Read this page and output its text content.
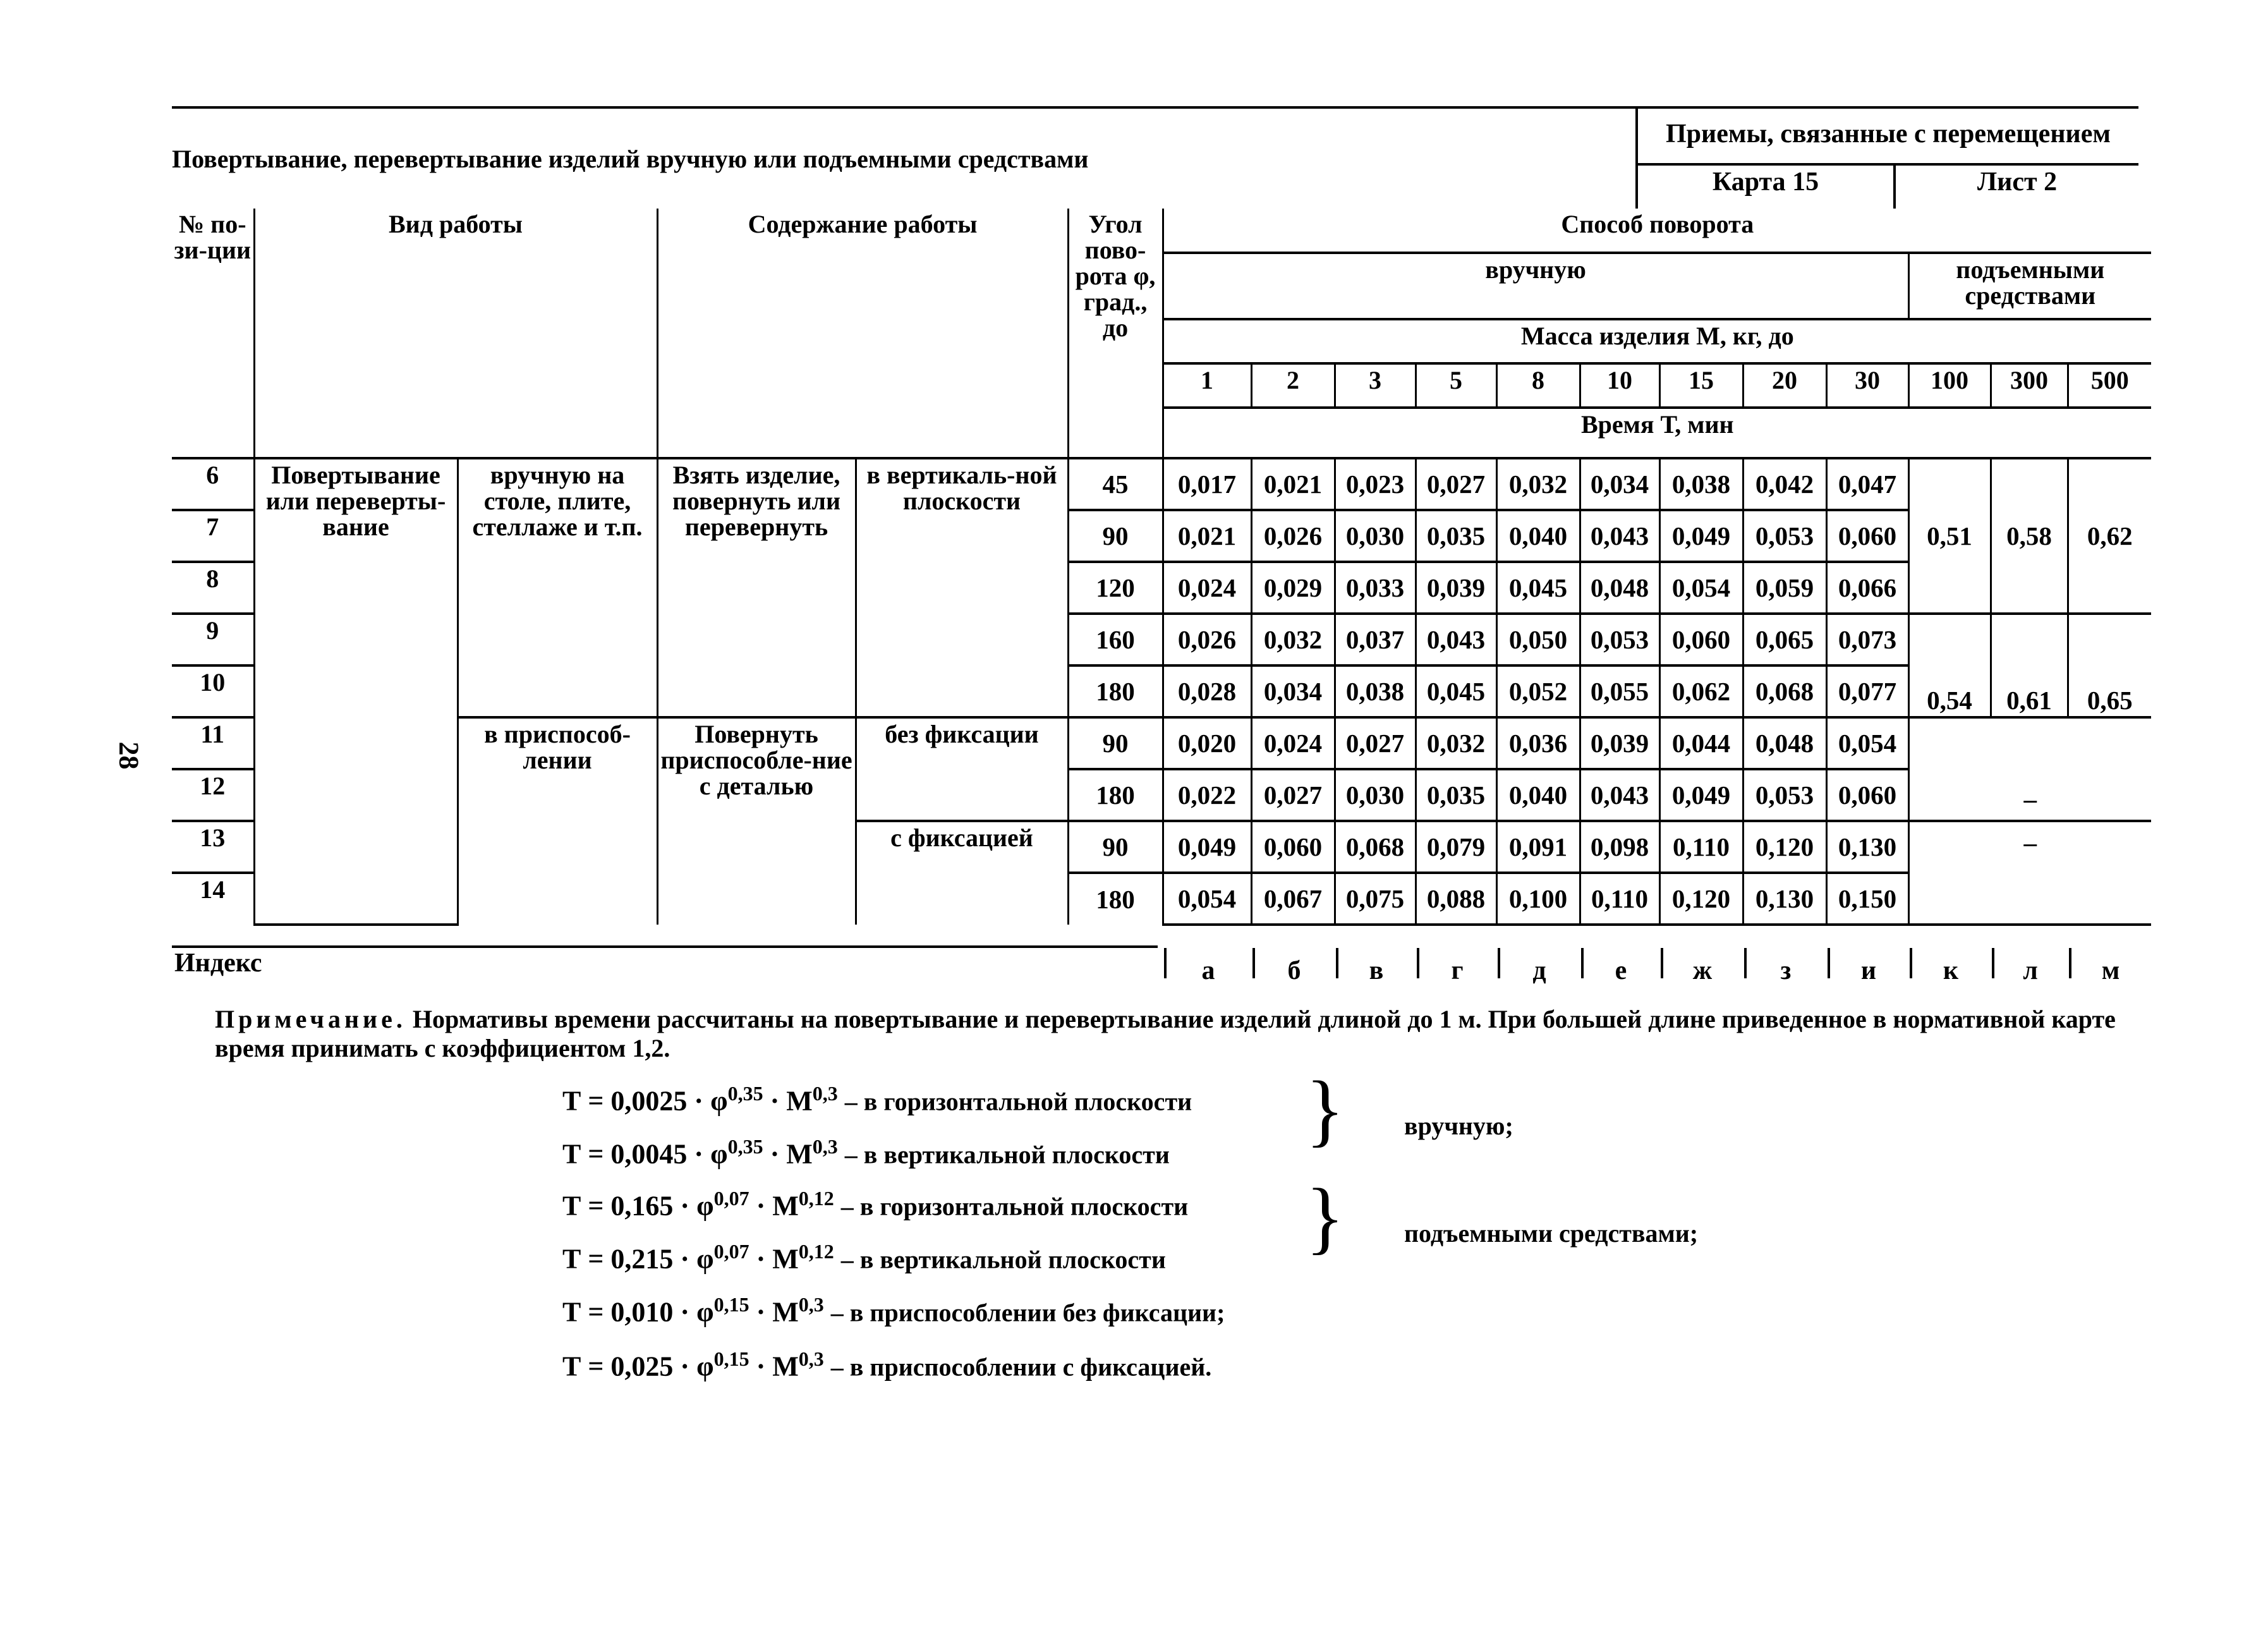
Повертывание, перевертывание изделий вручную или подъемными средствами
Приемы, связанные с перемещением
Карта 15	Лист 2
№ по-зи-ции	Вид работы		Содержание работы		Угол пово-рота φ, град., до	Способ поворота											
						вручную									подъемными средствами		
						Масса изделия М, кг, до											
						1	2	3	5	8	10	15	20	30	100	300	500
						Время Т, мин											
6	Повертывание или переверты-вание	вручную на столе, плите, стеллаже и т.п.	Взять изделие, повернуть или перевернуть	в вертикаль-ной плоскости	45	0,017	0,021	0,023	0,027	0,032	0,034	0,038	0,042	0,047	0,51	0,58	0,62
7					90	0,021	0,026	0,030	0,035	0,040	0,043	0,049	0,053	0,060			
8					120	0,024	0,029	0,033	0,039	0,045	0,048	0,054	0,059	0,066			
9					160	0,026	0,032	0,037	0,043	0,050	0,053	0,060	0,065	0,073	0,54	0,61	0,65
10					180	0,028	0,034	0,038	0,045	0,052	0,055	0,062	0,068	0,077			
11		в приспособ-лении	Повернуть приспособле-ние с деталью	без фиксации	90	0,020	0,024	0,027	0,032	0,036	0,039	0,044	0,048	0,054	–		
12					180	0,022	0,027	0,030	0,035	0,040	0,043	0,049	0,053	0,060			
13				с фиксацией	90	0,049	0,060	0,068	0,079	0,091	0,098	0,110	0,120	0,130	–		
14					180	0,054	0,067	0,075	0,088	0,100	0,110	0,120	0,130	0,150			
Индекс	а	б	в	г	д	е	ж	з	и	к	л	м
28
Примечание. Нормативы времени рассчитаны на повертывание и перевертывание изделий длиной до 1 м. При большей длине приведенное в нормативной карте время принимать с коэффициентом 1,2.
$Т = 0,0025 \cdot \varphi^{0,35} \cdot М^{0,3} - в$ горизонтальной плоскости
$Т = 0,0045 \cdot \varphi^{0,35} \cdot М^{0,3} - в$ вертикальной плоскости
$Т = 0,165 \cdot \varphi^{0,07} \cdot М^{0,12} - в$ горизонтальной плоскости
$Т = 0,215 \cdot \varphi^{0,07} \cdot М^{0,12} - в$ вертикальной плоскости
$Т = 0,010 \cdot \varphi^{0,15} \cdot М^{0,3} - в$ приспособлении без фиксации;
$Т = 0,025 \cdot \varphi^{0,15} \cdot М^{0,3} - в$ приспособлении с фиксацией.
} вручную;
} подъемными средствами;
